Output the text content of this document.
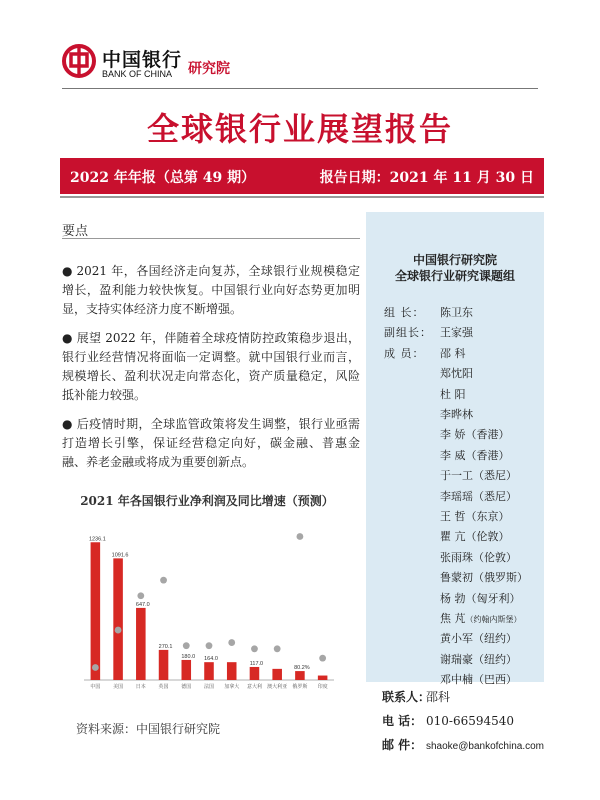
中国银行
BANK OF CHINA 研究院
全球银行业展望报告
2022 年年报（总第 49 期）	报告日期：2021 年 11 月 30 日
要点

● 2021 年，各国经济走向复苏，全球银行业规模稳定增长，盈利能力较快恢复。中国银行业向好态势更加明显，支持实体经济力度不断增强。

● 展望 2022 年，伴随着全球疫情防控政策稳步退出，银行业经营情况将面临一定调整。就中国银行业而言，规模增长、盈利状况走向常态化，资产质量稳定，风险抵补能力较强。

● 后疫情时期，全球监管政策将发生调整，银行业亟需打造增长引擎，保证经营稳定向好，碳金融、普惠金融、养老金融或将成为重要创新点。

2021 年各国银行业净利润及同比增速（预测）
1236.1
中国
1091.6
美国
647.0
日本
270.1
英国
180.0
德国
164.0
法国 加拿大
117.0
意大利 澳大利亚
80.2%
俄罗斯 印度
资料来源：中国银行研究院
中国银行研究院
全球银行业研究课题组
组 长： 陈卫东
副组长： 王家强
成 员： 邵 科
郑忱阳
杜 阳
李晔林
李 娇（香港）
李 威（香港）
于一工（悉尼）
李瑶瑶（悉尼）
王 哲（东京）
瞿 亢（伦敦）
张雨珠（伦敦）
鲁蒙初（俄罗斯）
杨 勃（匈牙利）
焦 芃（约翰内斯堡）
黄小军（纽约）
谢瑞豪（纽约）
邓中楠（巴西）
联系人：邵科
电 话： 010-66594540
邮 件： shaoke@bankofchina.com
